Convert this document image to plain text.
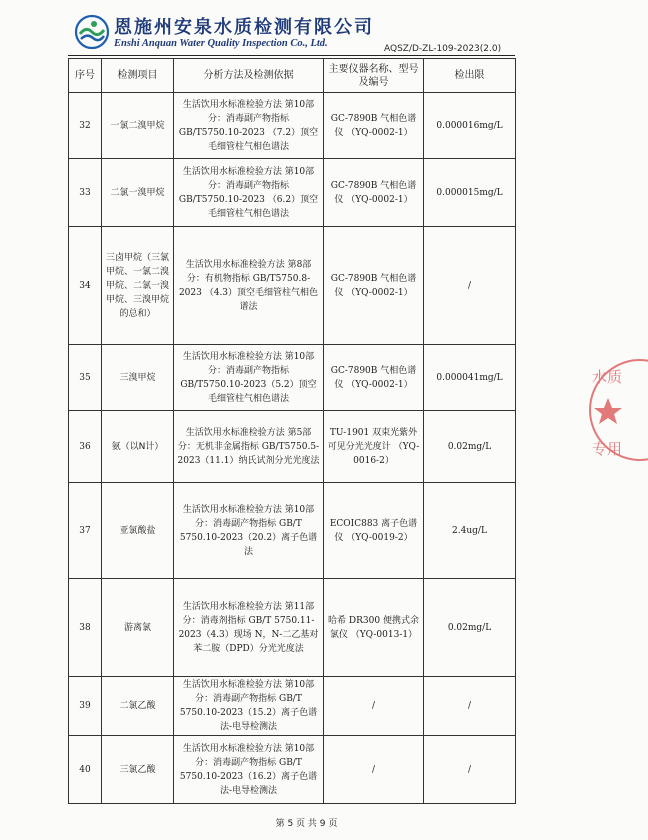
恩施州安泉水质检测有限公司
Enshi Anquan Water Quality Inspection Co., Ltd.	AQSZ/D-ZL-109-2023(2.0)
序号	检测项目	分析方法及检测依据	主要仪器名称、型号及编号	检出限
32	一氯二溴甲烷	生活饮用水标准检验方法 第10部分：消毒副产物指标 GB/T5750.10-2023 （7.2）顶空毛细管柱气相色谱法	GC-7890B 气相色谱仪 （YQ-0002-1）	0.000016mg/L
33	二氯一溴甲烷	生活饮用水标准检验方法 第10部分：消毒副产物指标 GB/T5750.10-2023 （6.2）顶空毛细管柱气相色谱法	GC-7890B 气相色谱仪 （YQ-0002-1）	0.000015mg/L
34	三卤甲烷（三氯甲烷、一氯二溴甲烷、二氯一溴甲烷、三溴甲烷的总和）	生活饮用水标准检验方法 第8部分：有机物指标 GB/T5750.8-2023 （4.3）顶空毛细管柱气相色谱法	GC-7890B 气相色谱仪 （YQ-0002-1）	/
35	三溴甲烷	生活饮用水标准检验方法 第10部分：消毒副产物指标 GB/T5750.10-2023（5.2）顶空毛细管柱气相色谱法	GC-7890B 气相色谱仪 （YQ-0002-1）	0.000041mg/L
36	氨（以N计）	生活饮用水标准检验方法 第5部分：无机非金属指标 GB/T5750.5-2023（11.1）纳氏试剂分光光度法	TU-1901 双束光紫外可见分光光度计 （YQ-0016-2）	0.02mg/L
37	亚氯酸盐	生活饮用水标准检验方法 第10部分：消毒副产物指标 GB/T 5750.10-2023（20.2）离子色谱法	ECOIC883 离子色谱仪 （YQ-0019-2）	2.4ug/L
38	游离氯	生活饮用水标准检验方法 第11部分：消毒剂指标 GB/T 5750.11-2023（4.3）现场 N，N-二乙基对苯二胺（DPD）分光光度法	哈希 DR300 便携式余氯仪 （YQ-0013-1）	0.02mg/L
39	二氯乙酸	生活饮用水标准检验方法 第10部分：消毒副产物指标 GB/T 5750.10-2023（15.2）离子色谱法-电导检测法	/	/
40	三氯乙酸	生活饮用水标准检验方法 第10部分：消毒副产物指标 GB/T 5750.10-2023（16.2）离子色谱法-电导检测法	/	/
第 5 页 共 9 页
水质
专用
